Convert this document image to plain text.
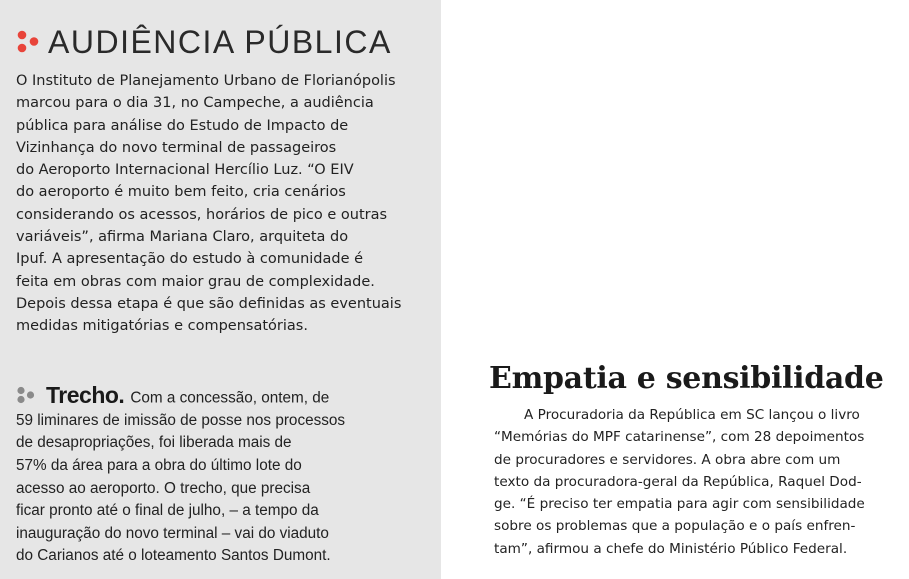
AUDIÊNCIA PÚBLICA
O Instituto de Planejamento Urbano de Florianópolis
marcou para o dia 31, no Campeche, a audiência
pública para análise do Estudo de Impacto de
Vizinhança do novo terminal de passageiros
do Aeroporto Internacional Hercílio Luz. “O EIV
do aeroporto é muito bem feito, cria cenários
considerando os acessos, horários de pico e outras
variáveis”, afirma Mariana Claro, arquiteta do
Ipuf. A apresentação do estudo à comunidade é
feita em obras com maior grau de complexidade.
Depois dessa etapa é que são definidas as eventuais
medidas mitigatórias e compensatórias.
Trecho. Com a concessão, ontem, de
59 liminares de imissão de posse nos processos
de desapropriações, foi liberada mais de
57% da área para a obra do último lote do
acesso ao aeroporto. O trecho, que precisa
ficar pronto até o final de julho, – a tempo da
inauguração do novo terminal – vai do viaduto
do Carianos até o loteamento Santos Dumont.
Empatia e sensibilidade
A Procuradoria da República em SC lançou o livro
“Memórias do MPF catarinense”, com 28 depoimentos
de procuradores e servidores. A obra abre com um
texto da procuradora-geral da República, Raquel Dod-
ge. “É preciso ter empatia para agir com sensibilidade
sobre os problemas que a população e o país enfren-
tam”, afirmou a chefe do Ministério Público Federal.
